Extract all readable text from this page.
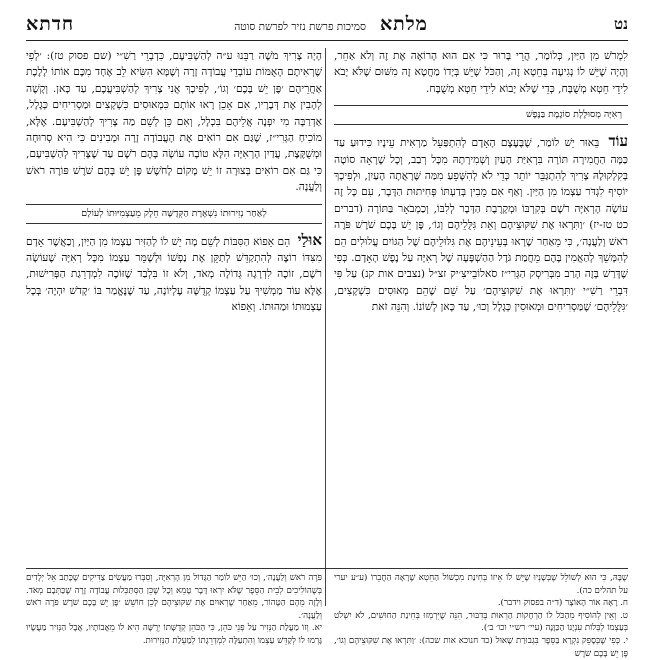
חדתא	מלתא
סמיכות פרשת נזיר לפרשת סוטה	נט

לִמְרֹשׁ מִן הַיַּיִן, כְּלוֹמַר, הֲרֵי בָּרוּר כִּי אִם הוּא הָרוֹאֶה אֶת זֶה וְלֹא אַחֵר, וְהָיָה שֶׁיֵּשׁ לוֹ נְגִיעָה בְּחֵטְא זֶה, וְהַכֹּל שֶׁיֵּשׁ בְּיָדוֹ מַחֲטָא זֶה מִשּׁוּם שֶׁלֹּא יָבֹא לִידֵי חֵטְא מְשֻׁבָּח, כְּדֵי שֶׁלֹּא יָבוֹא לִידֵי חֵטְא מְשֻׁבָּח.

רְאִיָּה מְסוּלֶּלֶת סוֹגֶמֶת בַּנֶּפֶשׁ

עוֹד בֵּאוּר יֵשׁ לוֹמַר, שֶׁבֶּעֶצֶם הָאָדָם לְהִתְפַּעֵל מַרְאִית עֵינָיו כִּידוּעַ עַד כַּמָּה הַחֲמִירָה תּוֹרָה בִּרְאִיַּת הָעַיִן וְשְׁמִירָתָהּ מִכָּל רְבַב, וְכָל שֶׁרָאָה סוֹטָה בְּקִלְקוּלָהּ צָרִיךְ לְהִתְגַּבֵּר יוֹתֵר כְּדֵי לֹא לְהִשָּׁפֵעַ מִמַּה שֶּׁרָאֲתָה הָעַיִן, וּלְפִיכָךְ יוֹסִיף לִגְדֹּר עַצְמוֹ מִן הַיַּיִן. וְאַף אִם מֵבִין בְּדַעְתּוֹ פְּחִיתוּת הַדָּבָר, עִם כָּל זֶה עוֹשָׂה הָרְאִיָּה רֹשֶׁם בְּקִרְבּוֹ וּמְקָרֶבֶת הַדָּבָר לְלִבּוֹ, וְכַמְבֹאָר בַּתּוֹרָה (דברים כט טז-יז) ׳וַתִּרְאוּ אֶת שִׁקּוּצֵיהֶם וְאֵת גִּלֻּלֵיהֶם וְגוֹ׳, פֶּן יֵשׁ בָּכֶם שֹׁרֶשׁ פֹּרֶה רֹאשׁ וְלַעֲנָה׳, כִּי מֵאַחַר שֶׁרָאוּ בְּעֵינֵיהֶם אֶת גִּלּוּלֵיהֶם שֶׁל הַגּוֹיִם עֲלוּלִים הֵם לְהִמָּשֵׁךְ לְהַאֲמִין בָּהֶם מֵחֲמַת גֹּדֶל הַהַשְׁפָּעָה שֶׁל רְאִיָּה עַל נֶפֶשׁ הָאָדָם. כְּפִי שֶׁדָּרַשׁ בָּזֶה הָרַב מִבְּרִיסְק הַגְּרִי״ז סֹאלוֹבֵייצִ׳יק זצ״ל (נצבים אות קנ) עַל פִּי דִּבְרֵי רַשִׁ״י ׳וַתִּרְאוּ אֶת שִׁקּוּצֵיהֶם׳ עַל שֵׁם שֶׁהֵם מְאוּסִים כִּשְׁקָצִים, ׳גִּלֻּלֵיהֶם׳ שֶׁמַּסְרִיחִים וּמְאוּסִין כְּגָלָל וְכוּ׳, עַד כָּאן לְשׁוֹנוֹ. וְהִנֵּה זֹאת

הָיָה צָרִיךְ מֹשֶׁה רַבֵּנוּ ע״ה לְהַשְׁבִּיעָם, כִּדְבְרֵי רַשִׁ״י (שם פסוק טז): ׳לְפִי שֶׁרְאִיתֶם הָאֻמּוֹת עוֹבְדֵי עֲבוֹדָה זָרָה וְשֶׁמָּא הִשִּׂיא לֵב אֶחָד מִכֶּם אוֹתוֹ לָלֶכֶת אַחֲרֵיהֶם ׳פֶּן יֵשׁ בָּכֶם׳ וְגוֹ׳, לְפִיכָךְ אֲנִי צָרִיךְ לְהַשְׁבִּיעֲכֶם, עַד כָּאן. וְקָשֶׁה לְהָבִין אֶת דְּבָרָיו, אִם אָכֵן רָאוּ אוֹתָם כִּמְאוּסִים כִּשְׁקָצִים וּמַסְרִיחִים כְּגָלָל, אַדְרַבָּה מִי יִפְנֶה אֲלֵיהֶם בִּכְלָל, וְאִם כֵּן לְשֵׁם מַה צָרִיךְ לְהַשְׁבִּיעָם. אֶלָּא, מוֹכִיחַ הַגְּרִי״ז, שֶׁגַּם אִם רוֹאִים אֶת הָעֲבוֹדָה זָרָה וּמְבִינִים כִּי הִיא סְרוּחָה וּמְשֻׁקֶּצֶת, עֲדַיִן הָרְאִיָּה הִלָּא טוֹבָה עוֹשָׂה בָּהֶם רֹשֶׁם עַד שֶׁצָּרִיךְ לְהַשְׁבִּיעָם, כִּי גַּם אִם רוֹאִים בְּצוּרָה זוֹ יֵשׁ מָקוֹם לָחֹשֶׁשׁ פֶּן יֵשׁ בָּהֶם שֹׁרֶשׁ פּוֹרֶה רֹאשׁ וְלַעֲנָה.

לְאַחַר נְזִירוּתוֹ נִשְׁאֶרֶת הַקְּדֻשָּׁה חֵלֶק מֵעַצְמִיּוּתוֹ לְעוֹלָם

אוּלַי הֵם אֵפוֹא הַסִּבּוֹת לְשֵׁם מָה יֵשׁ לוֹ לְהַזִּיר עַצְמוֹ מִן הַיַּיִן, וְכַאֲשֶׁר אָדָם מִצִּדּוֹ רוֹצֶה לְהִתְקַדֵּשׁ לְתַקֵּן אֶת נַפְשׁוֹ וּלְשָׁמֵּר עַצְמוֹ מִכָּל רְאִיָּה שֶׁעוֹשָׂה רֹשֶׁם, זוֹכֶה לִדְרָגָה גְּדוֹלָה מְאֹד, וְלֹא זוֹ בִּלְבַד שֶׁזּוֹכֶה לִמְדְרֵגַת הַפְּרִישׁוּת, אֶלָּא עוֹד מַמְשִׁיךְ עַל עַצְמוֹ קְדֻשָּׁה עֶלְיוֹנָה, עַד שֶׁנֶּאֱמַר בּוֹ ׳קָדֹשׁ יִהְיֶה׳ בְּכָל עַצְמוּתוֹ וּמַהוּתוֹ. וְאֵפוֹא

שֶׁבָּהּ, כִּי הוּא לְשׁוֹלֵל שֶׁבְּשָׁנְיוּ שֶׁיֵּשׁ לוֹ אֵיזוֹ בְּחִינַת מִכְשׁוֹל הַחֵטְא שֶׁרָאָה הַחֲבֵרוֹ (ע״ע יערי על תהלים כה).

ח. רָאָה אוֹר הָאוֹצָר (ד״ה בפסוק וידבר).

ט. וְאֵין לְהוֹסִיף מֵהַכֹּל לוֹ הַרְחָקוֹת הַרְאוּת בְּדִבּוּר, הִנֵּה שֶׁיִּרְמְזוּ בְּחִינַת הַחוּשִׁים, לֹא יִשְׁלֹט בְּעַצְמוֹ לְבְּלוֹת עִנְיָנוֹ הַכַּוָּנָה (עיי׳ רש״י וכו׳ ב׳).

י. כְּפִי שֶׁבְּסָפֵק נִקְרָא בַּסֵּפֶר בִּגְבוּרַת שָׁאוּל (כד חנוכא אות שכה): ׳וַתִּרְאוּ אֶת שִׁקּוּצֵיהֶם וְגוֹ׳, פֶּן יֵשׁ בָּכֶם שֹׁרֶשׁ

פֹּרֶה רֹאשׁ וְלַעֲנָה׳, וְכוּ׳ הַיֵּשׁ לוֹמַר הַגָּדוֹל מִן הָרְאִיָּה, וְסִבְּרוּ מַעֲשִׂים צַדִּיקִים שֶׁכָּתַב אֵל יְלָדִים בְּשֶׁהוֹלִיכִים לְבֵית הַסֵּפֶר שֶׁלֹּא יִרְאוּ דָּבָר טָמֵא וְכָל שֶׁכֵּן הַסְּתַּכְּלוּת עֲבוֹדָה זָרָה שֶׁכַּתְּבָם מְאֹד. וְלָזֶה מֵהֶם הַטָּהוֹר, מֵאַחַר שֶׁרְאוּיִם אֶת שִׁקּוּצֵיהֶם לָכֵן חוֹשֵׁשׁ ׳פֶּן יֵשׁ בָּכֶם שֹׁרֶשׁ פֹּרֶה רֹאשׁ וְלַעֲנָה׳.

יא. וְזוֹ מַעֲלַת הַנְּזִיר עַל פְּנֵי כֹּהֵן, כִּי הַכֹּהֵן קְדֻשָּׁתוֹ יְרֻשָּׁה הִיא לוֹ מֵאֲבוֹתָיו, אֲבָל הַנְּזִיר מַעֲשָׂיו גָּרְמוּ לוֹ לְקַדֵּשׁ עַצְמוֹ וְהִתְעַלָּה לִמְדְרֵגָתוֹ לְמַעְלַת הַנְּזִירוּת.
